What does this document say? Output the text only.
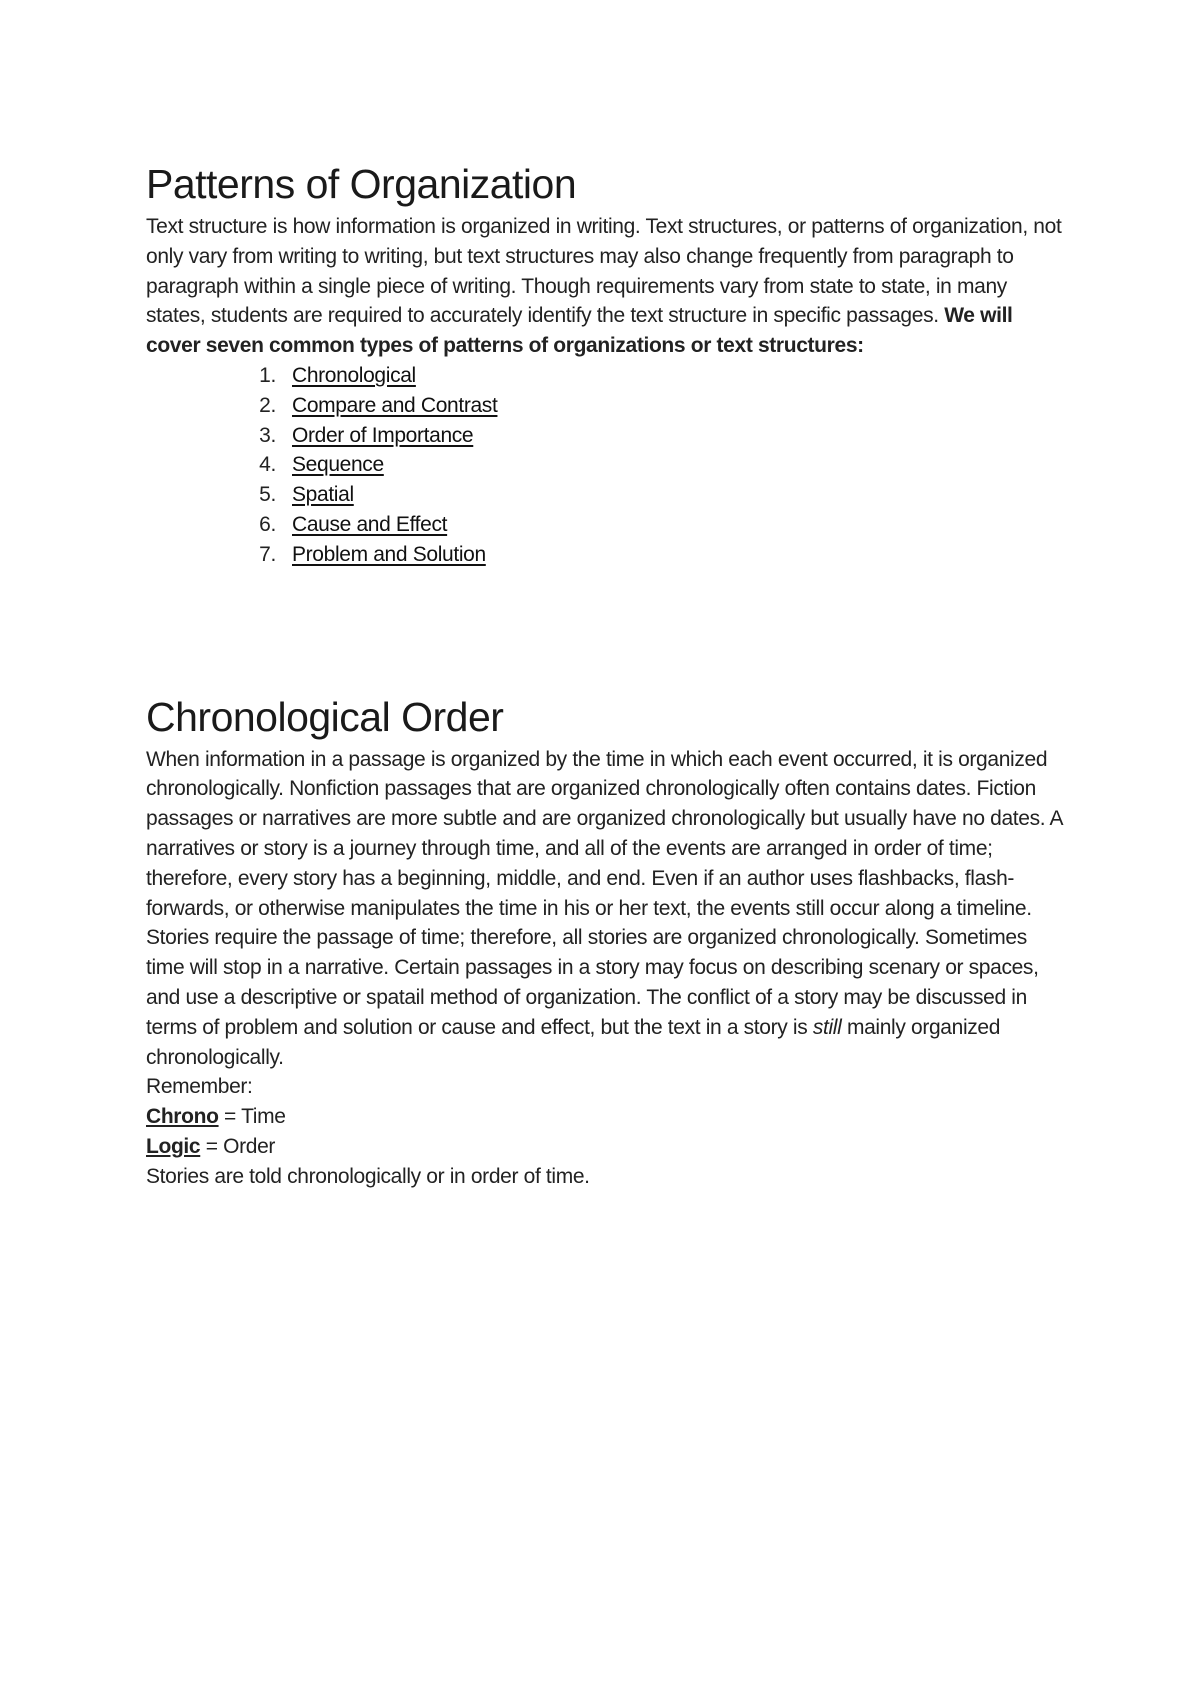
Patterns of Organization

Text structure is how information is organized in writing. Text structures, or patterns of organization, not only vary from writing to writing, but text structures may also change frequently from paragraph to paragraph within a single piece of writing. Though requirements vary from state to state, in many states, students are required to accurately identify the text structure in specific passages. We will cover seven common types of patterns of organizations or text structures:

1. Chronological
2. Compare and Contrast
3. Order of Importance
4. Sequence
5. Spatial
6. Cause and Effect
7. Problem and Solution
Chronological Order

When information in a passage is organized by the time in which each event occurred, it is organized chronologically. Nonfiction passages that are organized chronologically often contains dates. Fiction passages or narratives are more subtle and are organized chronologically but usually have no dates. A narratives or story is a journey through time, and all of the events are arranged in order of time; therefore, every story has a beginning, middle, and end. Even if an author uses flashbacks, flash-forwards, or otherwise manipulates the time in his or her text, the events still occur along a timeline. Stories require the passage of time; therefore, all stories are organized chronologically. Sometimes time will stop in a narrative. Certain passages in a story may focus on describing scenary or spaces, and use a descriptive or spatail method of organization. The conflict of a story may be discussed in terms of problem and solution or cause and effect, but the text in a story is still mainly organized chronologically.

Remember:

Chrono = Time

Logic = Order

Stories are told chronologically or in order of time.
